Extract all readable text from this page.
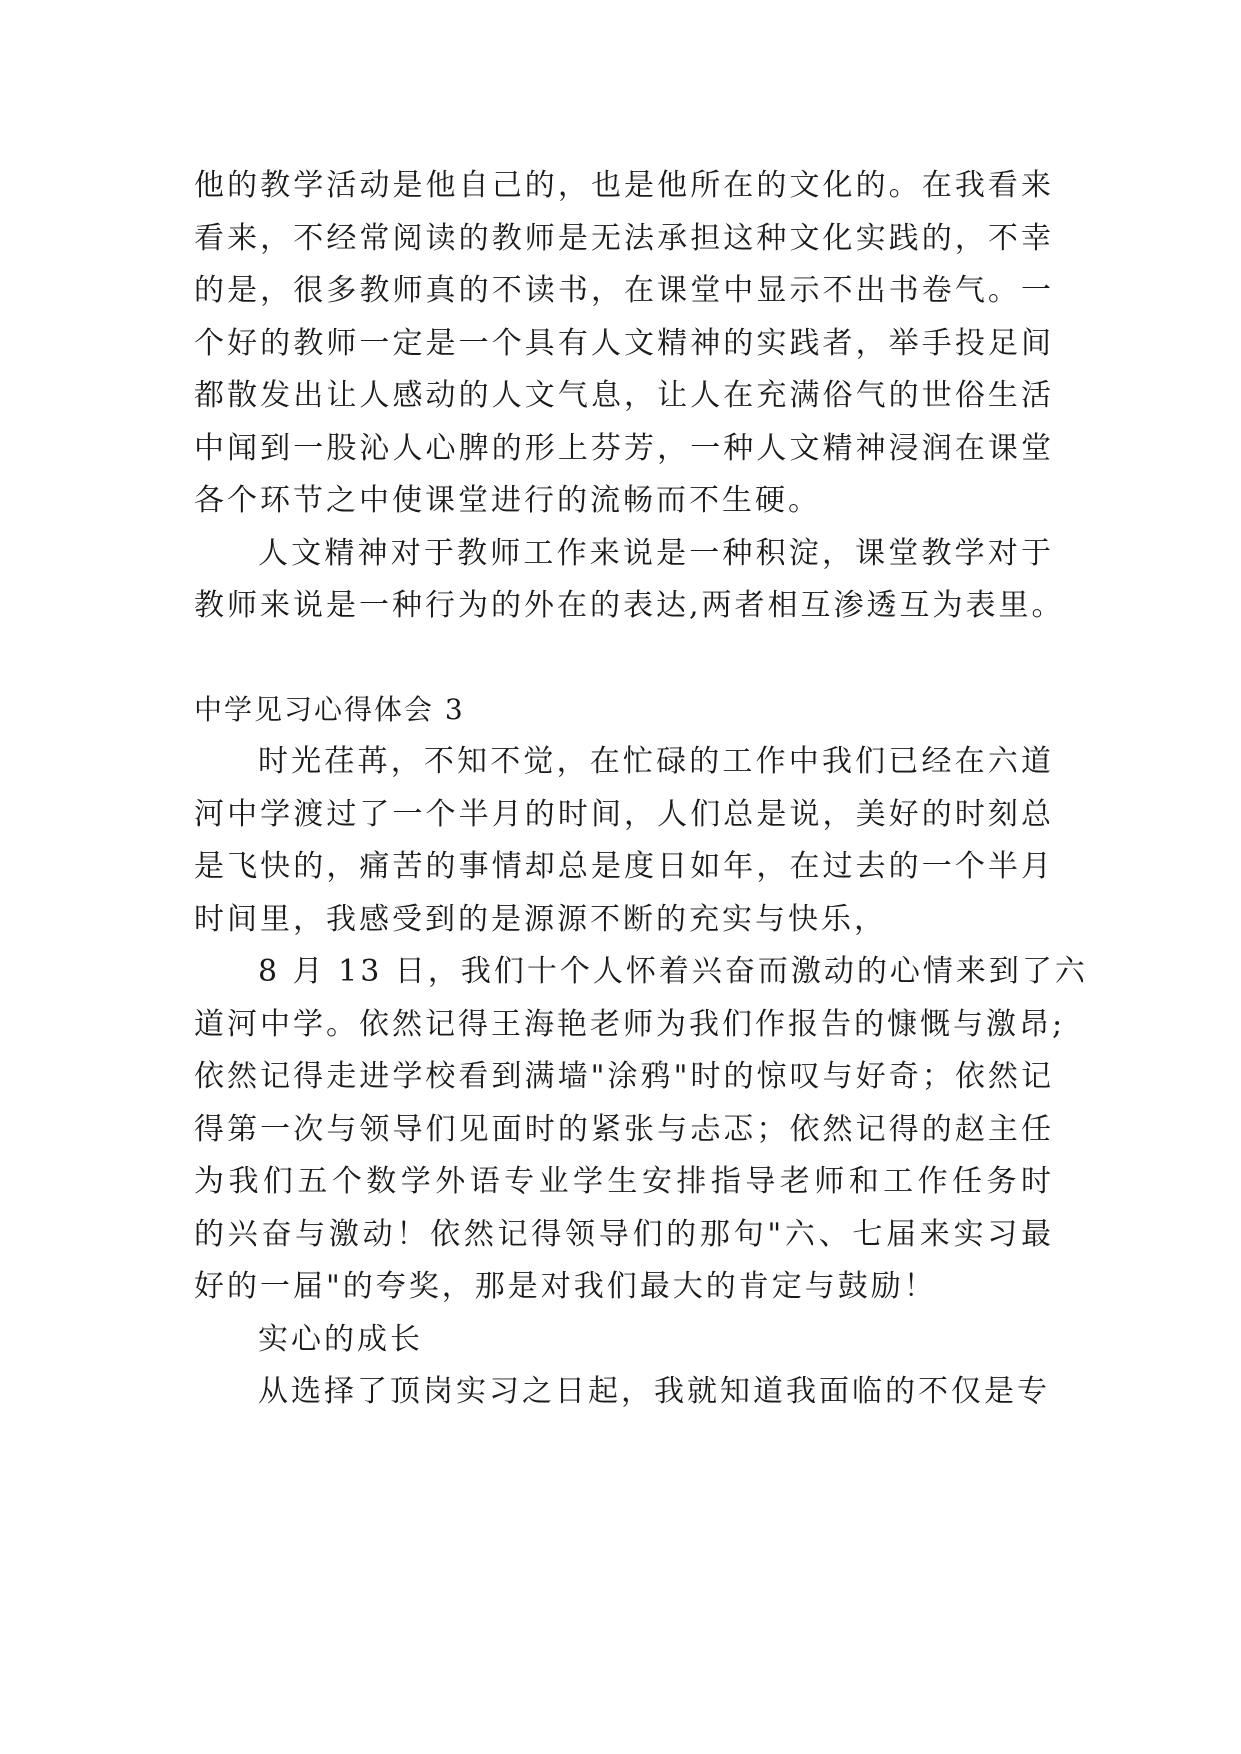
他的教学活动是他自己的，也是他所在的文化的。在我看来
看来，不经常阅读的教师是无法承担这种文化实践的，不幸
的是，很多教师真的不读书，在课堂中显示不出书卷气。一
个好的教师一定是一个具有人文精神的实践者，举手投足间
都散发出让人感动的人文气息，让人在充满俗气的世俗生活
中闻到一股沁人心脾的形上芬芳，一种人文精神浸润在课堂
各个环节之中使课堂进行的流畅而不生硬。
人文精神对于教师工作来说是一种积淀，课堂教学对于
教师来说是一种行为的外在的表达,两者相互渗透互为表里。
中学见习心得体会 3
时光荏苒，不知不觉，在忙碌的工作中我们已经在六道
河中学渡过了一个半月的时间，人们总是说，美好的时刻总
是飞快的，痛苦的事情却总是度日如年，在过去的一个半月
时间里，我感受到的是源源不断的充实与快乐，
8 月 13 日，我们十个人怀着兴奋而激动的心情来到了六
道河中学。依然记得王海艳老师为我们作报告的慷慨与激昂;
依然记得走进学校看到满墙"涂鸦"时的惊叹与好奇；依然记
得第一次与领导们见面时的紧张与忐忑；依然记得的赵主任
为我们五个数学外语专业学生安排指导老师和工作任务时
的兴奋与激动！依然记得领导们的那句"六、七届来实习最
好的一届"的夸奖，那是对我们最大的肯定与鼓励！
实心的成长
从选择了顶岗实习之日起，我就知道我面临的不仅是专
